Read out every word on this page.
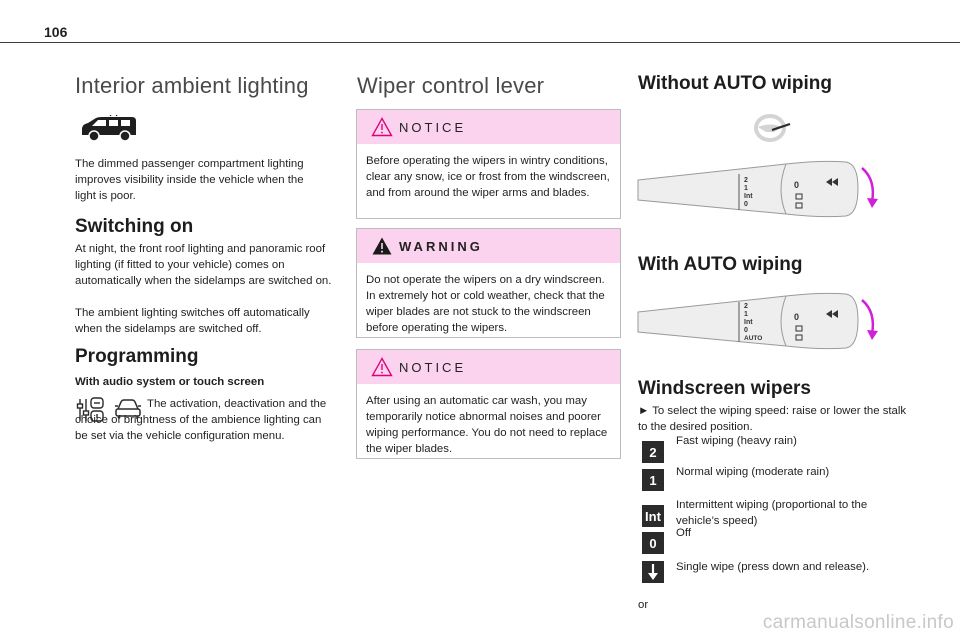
106
Interior ambient lighting
The dimmed passenger compartment lighting improves visibility inside the vehicle when the light is poor.
Switching on
At night, the front roof lighting and panoramic roof lighting (if fitted to your vehicle) comes on automatically when the sidelamps are switched on.
The ambient lighting switches off automatically when the sidelamps are switched off.
Programming
With audio system or touch screen
The activation, deactivation and the choice of brightness of the ambience lighting can be set via the vehicle configuration menu.
Wiper control lever
NOTICE
Before operating the wipers in wintry conditions, clear any snow, ice or frost from the windscreen, and from around the wiper arms and blades.
WARNING
Do not operate the wipers on a dry windscreen. In extremely hot or cold weather, check that the wiper blades are not stuck to the windscreen before operating the wipers.
NOTICE
After using an automatic car wash, you may temporarily notice abnormal noises and poorer wiping performance. You do not need to replace the wiper blades.
Without AUTO wiping
2
1
Int
0
0
With AUTO wiping
2
1
Int
0
AUTO
0
Windscreen wipers
► To select the wiping speed: raise or lower the stalk to the desired position.
2
Fast wiping (heavy rain)
1
Normal wiping (moderate rain)
Int
Intermittent wiping (proportional to the vehicle’s speed)
0
Off
Single wipe (press down and release).
or
carmanualsonline.info
